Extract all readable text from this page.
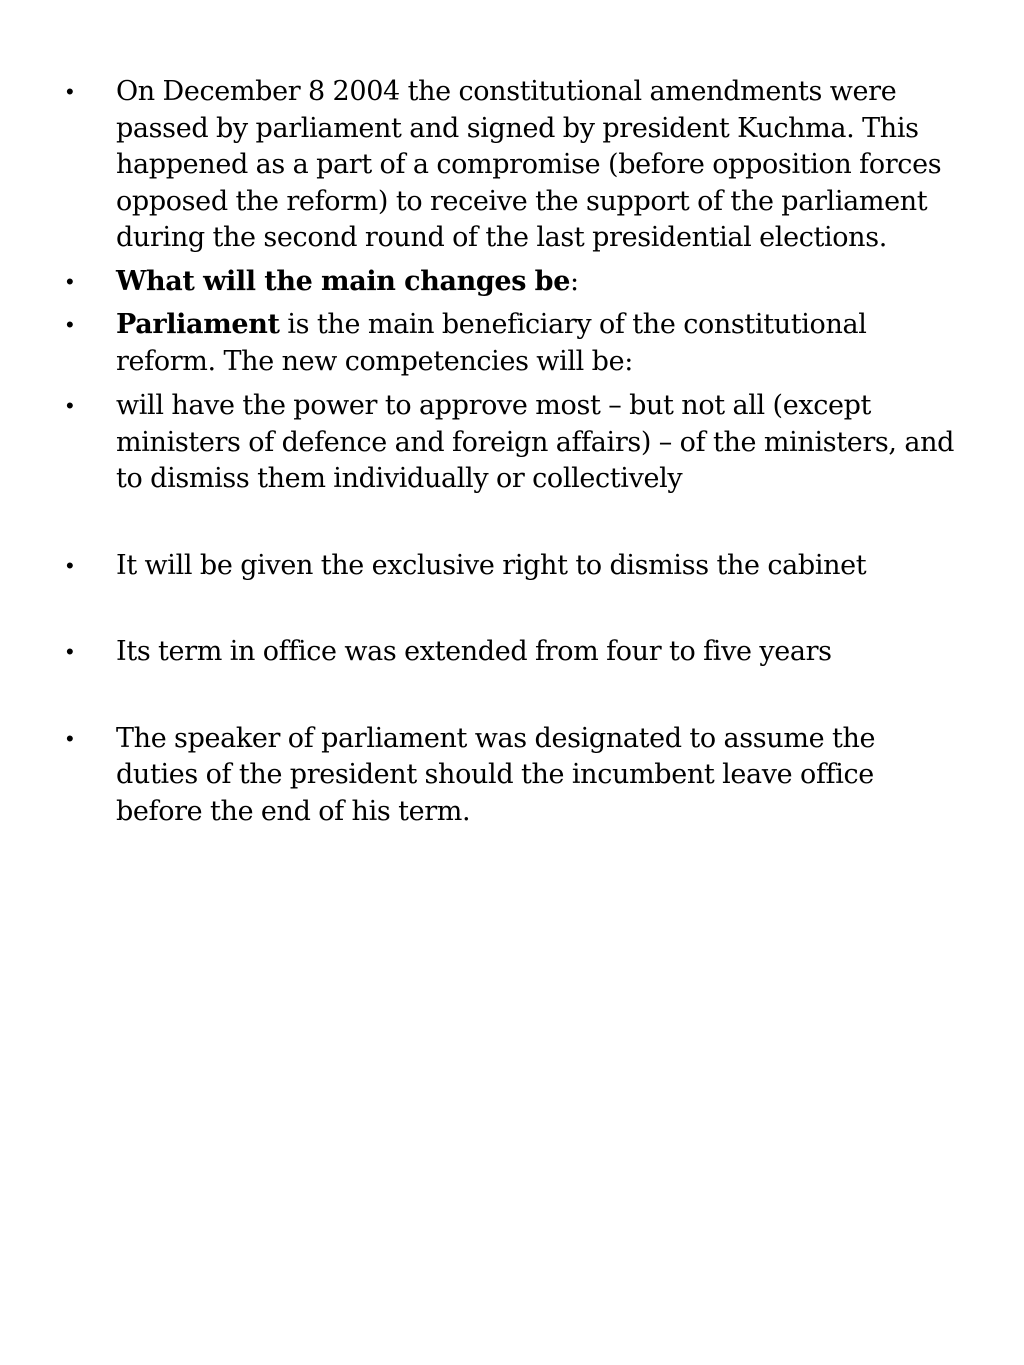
• On December 8 2004 the constitutional amendments were passed by parliament and signed by president Kuchma. This happened as a part of a compromise (before opposition forces opposed the reform) to receive the support of the parliament during the second round of the last presidential elections.
• What will the main changes be:
• Parliament is the main beneficiary of the constitutional reform. The new competencies will be:
• will have the power to approve most – but not all (except ministers of defence and foreign affairs) – of the ministers, and to dismiss them individually or collectively
• It will be given the exclusive right to dismiss the cabinet
• Its term in office was extended from four to five years
• The speaker of parliament was designated to assume the duties of the president should the incumbent leave office before the end of his term.
